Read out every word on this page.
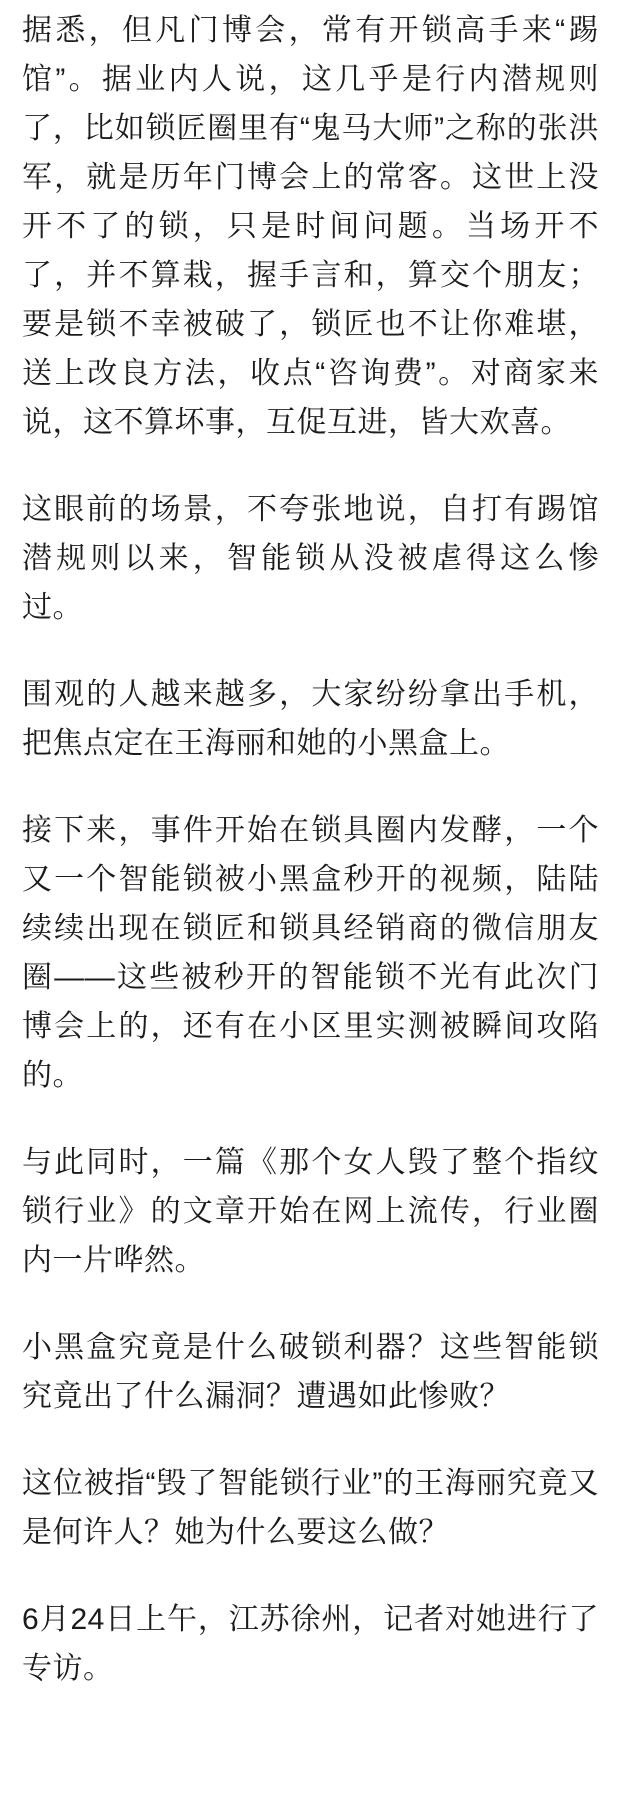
据悉，但凡门博会，常有开锁高手来“踢馆”。据业内人说，这几乎是行内潜规则了，比如锁匠圈里有“鬼马大师”之称的张洪军，就是历年门博会上的常客。这世上没开不了的锁，只是时间问题。当场开不了，并不算栽，握手言和，算交个朋友；要是锁不幸被破了，锁匠也不让你难堪，送上改良方法，收点“咨询费”。对商家来说，这不算坏事，互促互进，皆大欢喜。

这眼前的场景，不夸张地说，自打有踢馆潜规则以来，智能锁从没被虐得这么惨过。

围观的人越来越多，大家纷纷拿出手机，把焦点定在王海丽和她的小黑盒上。

接下来，事件开始在锁具圈内发酵，一个又一个智能锁被小黑盒秒开的视频，陆陆续续出现在锁匠和锁具经销商的微信朋友圈——这些被秒开的智能锁不光有此次门博会上的，还有在小区里实测被瞬间攻陷的。

与此同时，一篇《那个女人毁了整个指纹锁行业》的文章开始在网上流传，行业圈内一片哗然。

小黑盒究竟是什么破锁利器？这些智能锁究竟出了什么漏洞？遭遇如此惨败？

这位被指“毁了智能锁行业”的王海丽究竟又是何许人？她为什么要这么做？

6月24日上午，江苏徐州，记者对她进行了专访。
